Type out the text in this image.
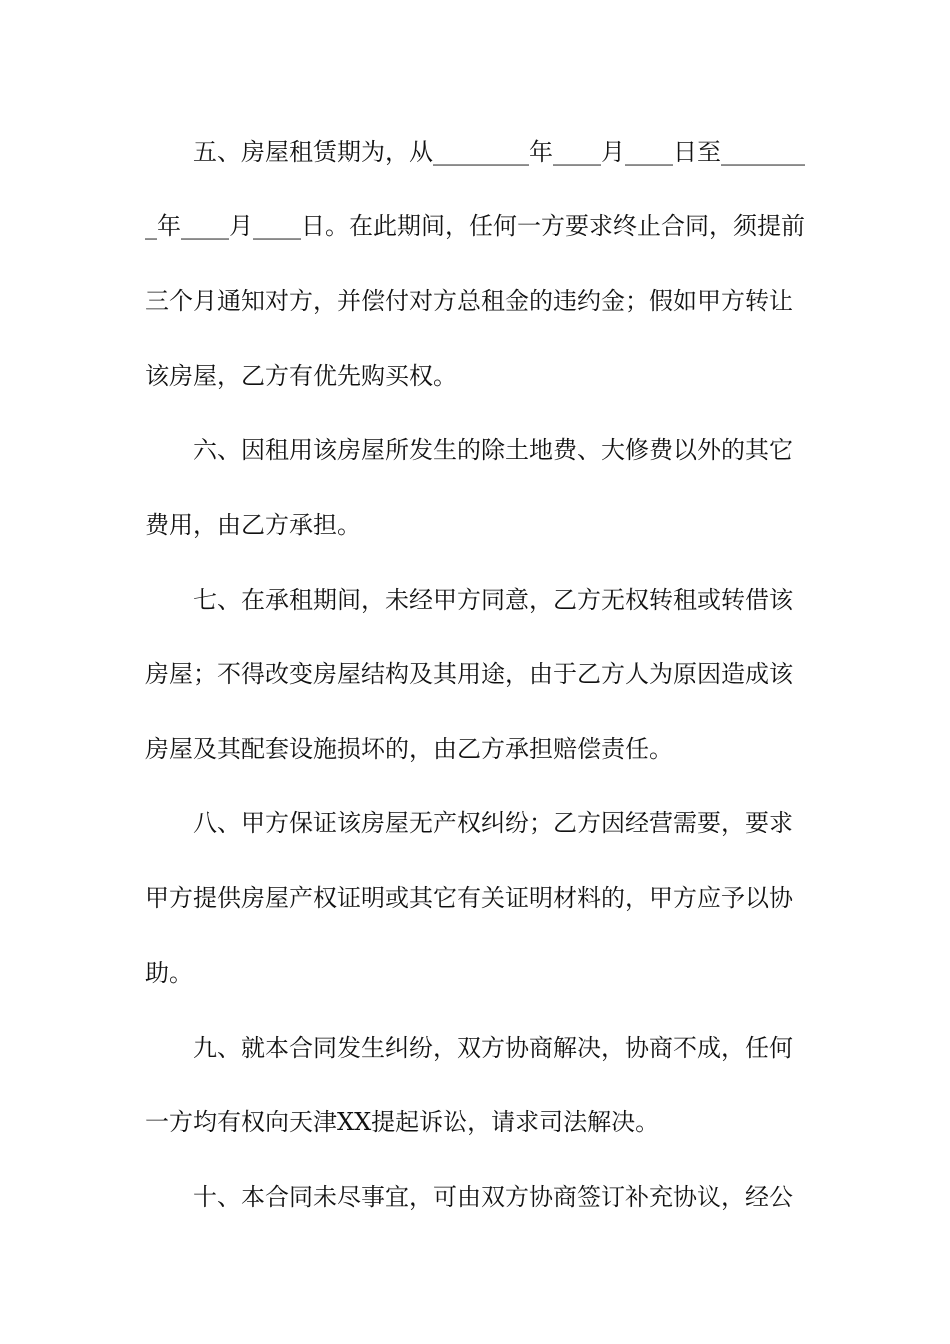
五、房屋租赁期为，从________年____月____日至_______
_年____月____日。在此期间，任何一方要求终止合同，须提前
三个月通知对方，并偿付对方总租金的违约金；假如甲方转让
该房屋，乙方有优先购买权。
六、因租用该房屋所发生的除土地费、大修费以外的其它
费用，由乙方承担。
七、在承租期间，未经甲方同意，乙方无权转租或转借该
房屋；不得改变房屋结构及其用途，由于乙方人为原因造成该
房屋及其配套设施损坏的，由乙方承担赔偿责任。
八、甲方保证该房屋无产权纠纷；乙方因经营需要，要求
甲方提供房屋产权证明或其它有关证明材料的，甲方应予以协
助。
九、就本合同发生纠纷，双方协商解决，协商不成，任何
一方均有权向天津XX提起诉讼，请求司法解决。
十、本合同未尽事宜，可由双方协商签订补充协议，经公
